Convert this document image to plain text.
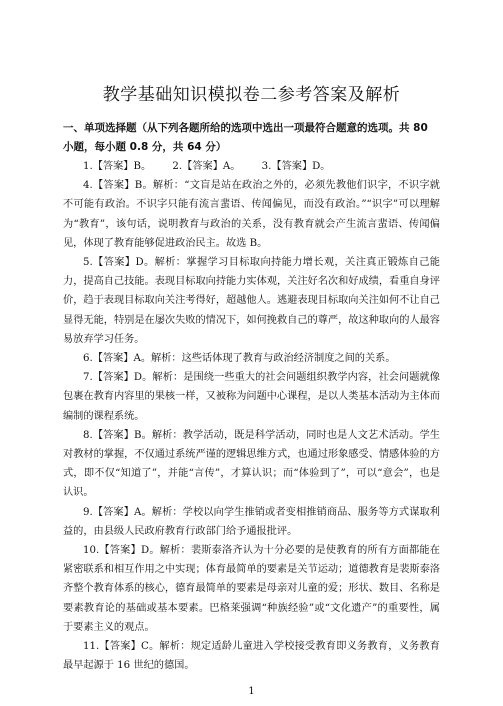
教学基础知识模拟卷二参考答案及解析

一、单项选择题（从下列各题所给的选项中选出一项最符合题意的选项。共 80 小题，每小题 0.8 分，共 64 分）

1.【答案】B。 2.【答案】A。 3.【答案】D。

4.【答案】B。解析：“文盲是站在政治之外的，必须先教他们识字，不识字就不可能有政治。不识字只能有流言蜚语、传闻偏见，而没有政治。”“识字”可以理解为“教育”，该句话，说明教育与政治的关系，没有教育就会产生流言蜚语、传闻偏见，体现了教育能够促进政治民主。故选 B。

5.【答案】D。解析：掌握学习目标取向持能力增长观，关注真正锻炼自己能力，提高自己技能。表现目标取向持能力实体观，关注好名次和好成绩，看重自身评价，趋于表现目标取向关注考得好，超越他人。逃避表现目标取向关注如何不让自己显得无能，特别是在屡次失败的情况下，如何挽救自己的尊严，故这种取向的人最容易放弃学习任务。

6.【答案】A。解析：这些话体现了教育与政治经济制度之间的关系。

7.【答案】D。解析：是围绕一些重大的社会问题组织教学内容，社会问题就像包裹在教育内容里的果核一样，又被称为问题中心课程，是以人类基本活动为主体而编制的课程系统。

8.【答案】B。解析：教学活动，既是科学活动，同时也是人文艺术活动。学生对教材的掌握，不仅通过系统严谨的逻辑思维方式，也通过形象感受、情感体验的方式，即不仅“知道了”，并能“言传”，才算认识；而“体验到了”，可以“意会”，也是认识。

9.【答案】A。解析：学校以向学生推销或者变相推销商品、服务等方式谋取利益的，由县级人民政府教育行政部门给予通报批评。

10.【答案】D。解析：裴斯泰洛齐认为十分必要的是使教育的所有方面都能在紧密联系和相互作用之中实现；体育最简单的要素是关节运动；道德教育是裴斯泰洛齐整个教育体系的核心，德育最简单的要素是母亲对儿童的爱；形状、数目、名称是要素教育论的基础或基本要素。巴格莱强调“种族经验”或“文化遗产”的重要性，属于要素主义的观点。

11.【答案】C。解析：规定适龄儿童进入学校接受教育即义务教育，义务教育最早起源于 16 世纪的德国。

1
